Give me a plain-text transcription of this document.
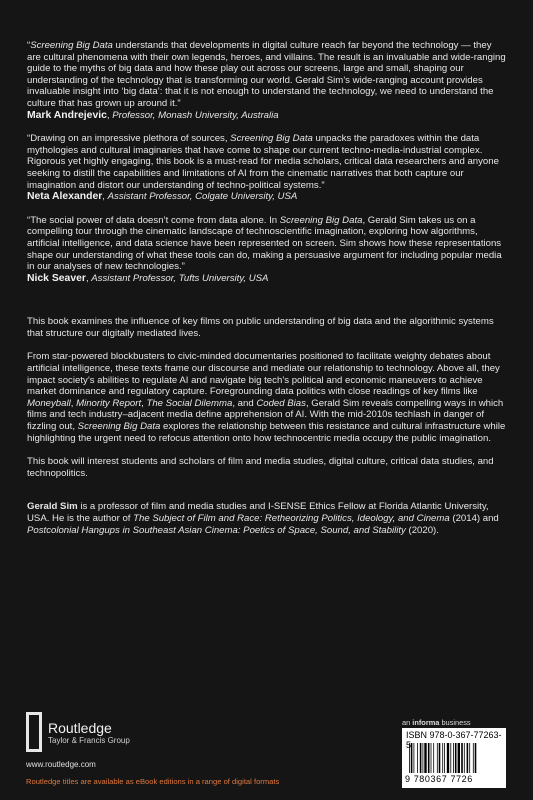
“Screening Big Data understands that developments in digital culture reach far beyond the technology — they are cultural phenomena with their own legends, heroes, and villains. The result is an invaluable and wide-ranging guide to the myths of big data and how these play out across our screens, large and small, shaping our understanding of the technology that is transforming our world. Gerald Sim’s wide-ranging account provides invaluable insight into ‘big data’: that it is not enough to understand the technology, we need to understand the culture that has grown up around it.”

Mark Andrejevic, Professor, Monash University, Australia

“Drawing on an impressive plethora of sources, Screening Big Data unpacks the paradoxes within the data mythologies and cultural imaginaries that have come to shape our current techno-media-industrial complex. Rigorous yet highly engaging, this book is a must-read for media scholars, critical data researchers and anyone seeking to distill the capabilities and limitations of AI from the cinematic narratives that both capture our imagination and distort our understanding of techno-political systems.”

Neta Alexander, Assistant Professor, Colgate University, USA

“The social power of data doesn’t come from data alone. In Screening Big Data, Gerald Sim takes us on a compelling tour through the cinematic landscape of technoscientific imagination, exploring how algorithms, artificial intelligence, and data science have been represented on screen. Sim shows how these representations shape our understanding of what these tools can do, making a persuasive argument for including popular media in our analyses of new technologies.”

Nick Seaver, Assistant Professor, Tufts University, USA

This book examines the influence of key films on public understanding of big data and the algorithmic systems that structure our digitally mediated lives.

From star-powered blockbusters to civic-minded documentaries positioned to facilitate weighty debates about artificial intelligence, these texts frame our discourse and mediate our relationship to technology. Above all, they impact society’s abilities to regulate AI and navigate big tech’s political and economic maneuvers to achieve market dominance and regulatory capture. Foregrounding data politics with close readings of key films like Moneyball, Minority Report, The Social Dilemma, and Coded Bias, Gerald Sim reveals compelling ways in which films and tech industry–adjacent media define apprehension of AI. With the mid-2010s techlash in danger of fizzling out, Screening Big Data explores the relationship between this resistance and cultural infrastructure while highlighting the urgent need to refocus attention onto how technocentric media occupy the public imagination.

This book will interest students and scholars of film and media studies, digital culture, critical data studies, and technopolitics.

Gerald Sim is a professor of film and media studies and I-SENSE Ethics Fellow at Florida Atlantic University, USA. He is the author of The Subject of Film and Race: Retheorizing Politics, Ideology, and Cinema (2014) and Postcolonial Hangups in Southeast Asian Cinema: Poetics of Space, Sound, and Stability (2020).

Routledge
Taylor & Francis Group
www.routledge.com
Routledge titles are available as eBook editions in a range of digital formats
an informa business
ISBN 978-0-367-77263-5
9 780367 7726
